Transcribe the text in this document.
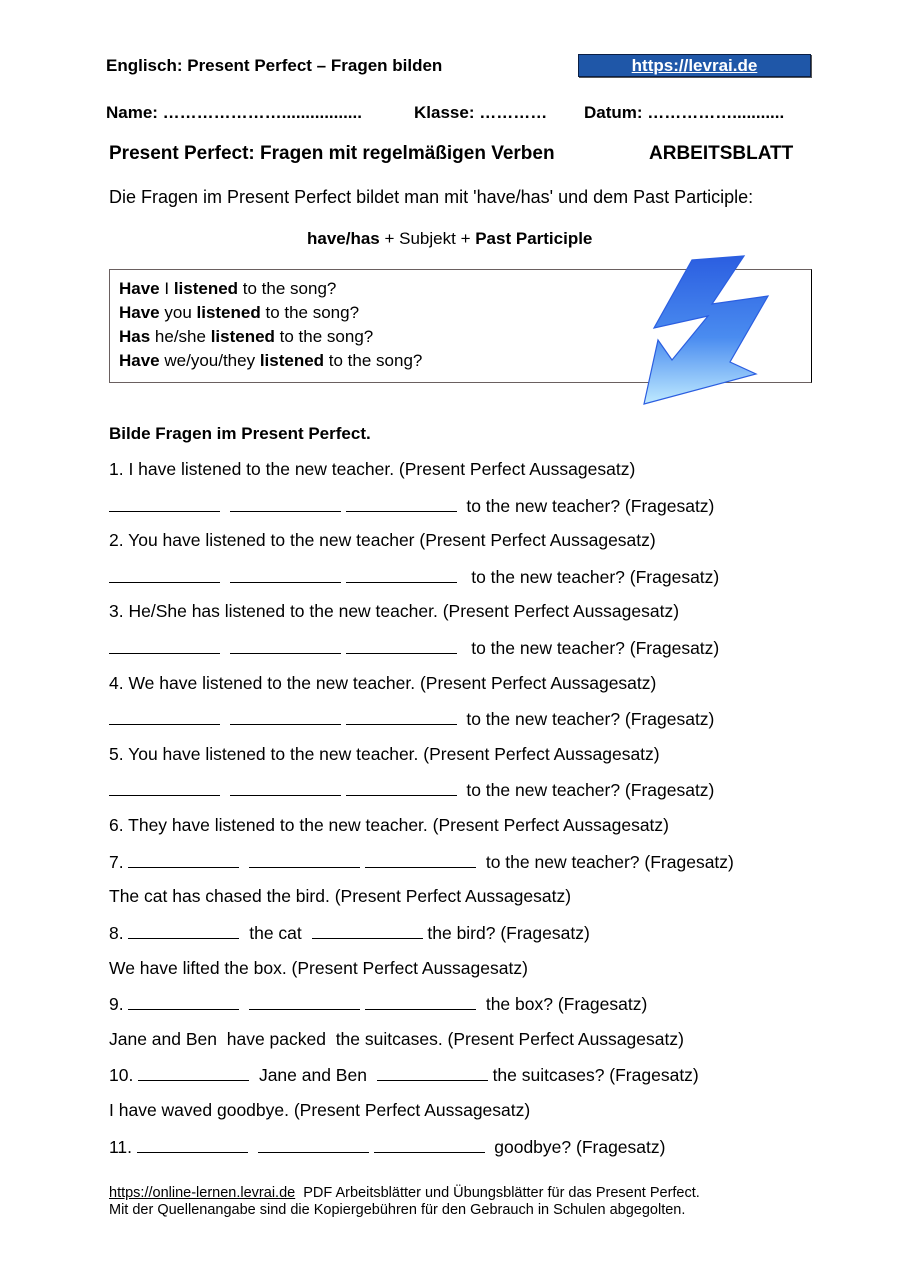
Englisch: Present Perfect – Fragen bilden	https://levrai.de
Name: ………………….................	Klasse: ………… Datum: ……………...........
Present Perfect: Fragen mit regelmäßigen Verben	ARBEITSBLATT
Die Fragen im Present Perfect bildet man mit 'have/has' und dem Past Participle:
have/has + Subjekt + Past Participle
Have I listened to the song?
Have you listened to the song?
Has he/she listened to the song?
Have we/you/they listened to the song?
Bilde Fragen im Present Perfect.
1. I have listened to the new teacher. (Present Perfect Aussagesatz)
to the new teacher? (Fragesatz)
2. You have listened to the new teacher (Present Perfect Aussagesatz)
to the new teacher? (Fragesatz)
3. He/She has listened to the new teacher. (Present Perfect Aussagesatz)
to the new teacher? (Fragesatz)
4. We have listened to the new teacher. (Present Perfect Aussagesatz)
to the new teacher? (Fragesatz)
5. You have listened to the new teacher. (Present Perfect Aussagesatz)
to the new teacher? (Fragesatz)
6. They have listened to the new teacher. (Present Perfect Aussagesatz)
7.	to the new teacher? (Fragesatz)
The cat has chased the bird. (Present Perfect Aussagesatz)
8.	the cat	the bird? (Fragesatz)
We have lifted the box. (Present Perfect Aussagesatz)
9.	the box? (Fragesatz)
Jane and Ben  have packed  the suitcases. (Present Perfect Aussagesatz)
10.	Jane and Ben	the suitcases? (Fragesatz)
I have waved goodbye. (Present Perfect Aussagesatz)
11.	goodbye? (Fragesatz)
https://online-lernen.levrai.de  PDF Arbeitsblätter und Übungsblätter für das Present Perfect.
Mit der Quellenangabe sind die Kopiergebühren für den Gebrauch in Schulen abgegolten.
